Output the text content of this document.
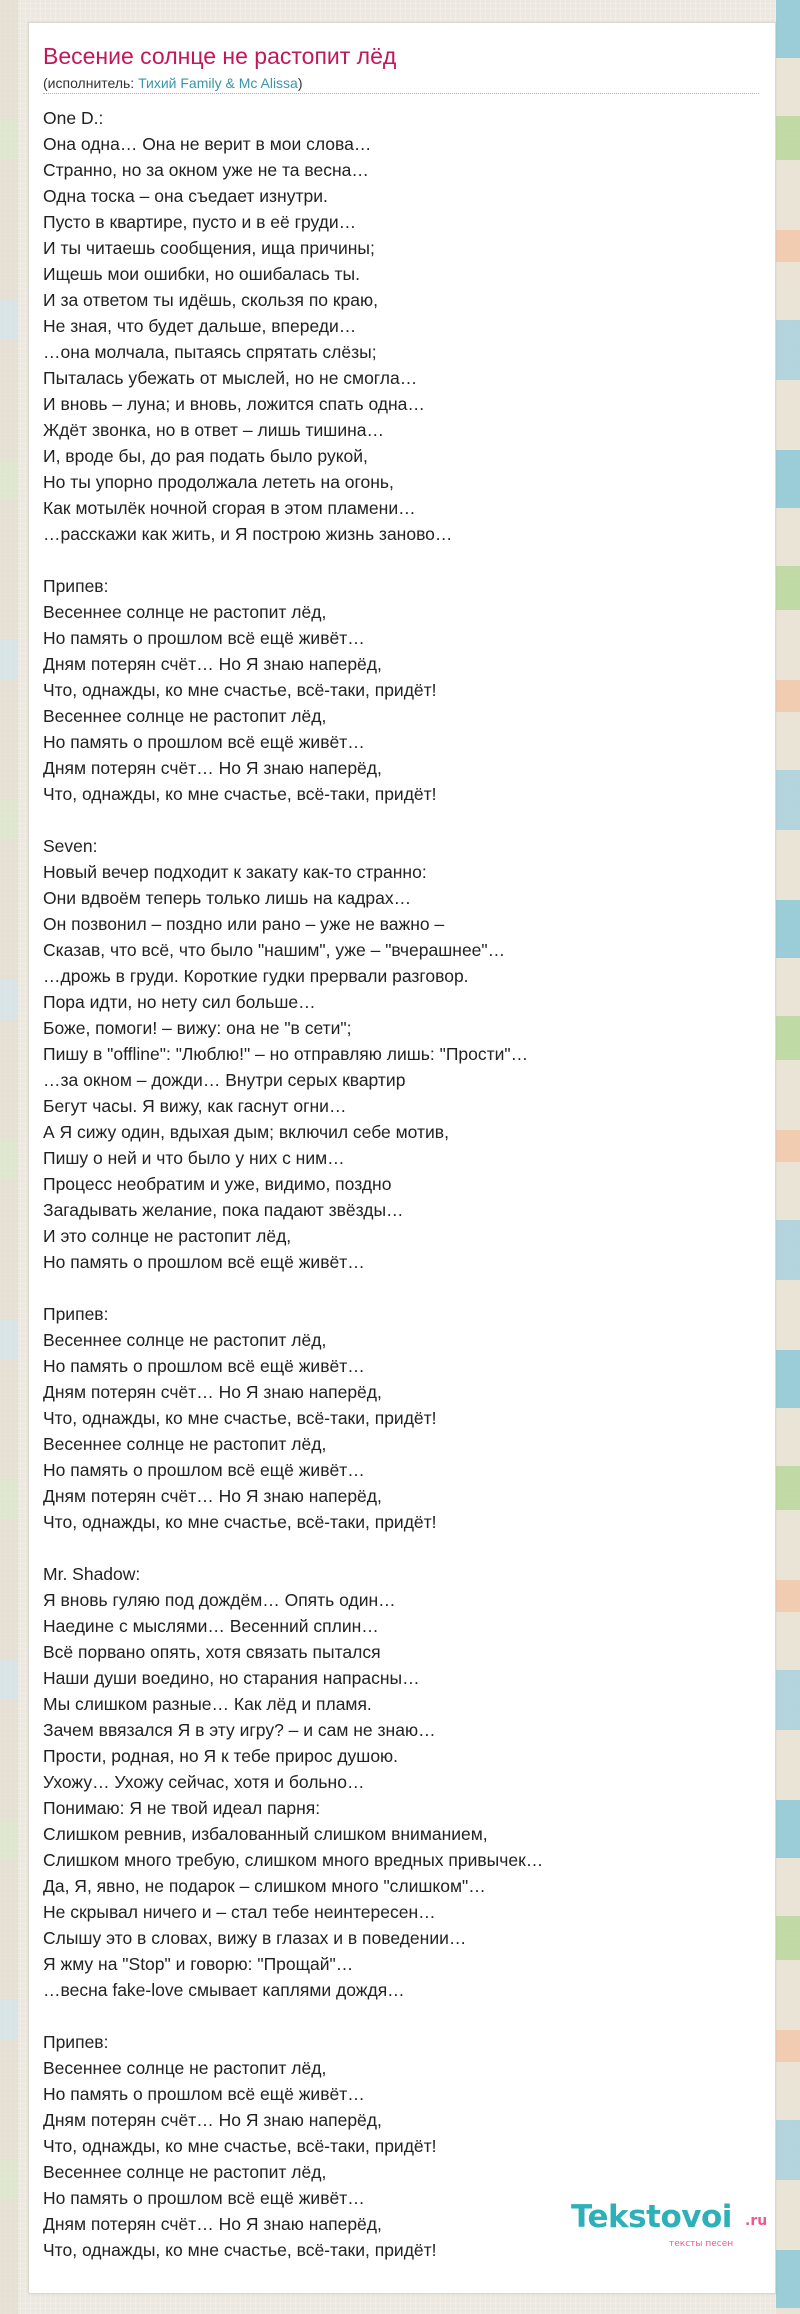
Весение солнце не растопит лёд
(исполнитель: Тихий Family & Mc Alissa)
One D.:
Она одна… Она не верит в мои слова…
Странно, но за окном уже не та весна…
Одна тоска – она съедает изнутри.
Пусто в квартире, пусто и в её груди…
И ты читаешь сообщения, ища причины;
Ищешь мои ошибки, но ошибалась ты.
И за ответом ты идёшь, скользя по краю,
Не зная, что будет дальше, впереди…
…она молчала, пытаясь спрятать слёзы;
Пыталась убежать от мыслей, но не смогла…
И вновь – луна; и вновь, ложится спать одна…
Ждёт звонка, но в ответ – лишь тишина…
И, вроде бы, до рая подать было рукой,
Но ты упорно продолжала лететь на огонь,
Как мотылёк ночной сгорая в этом пламени…
…расскажи как жить, и Я построю жизнь заново…

Припев:
Весеннее солнце не растопит лёд,
Но память о прошлом всё ещё живёт…
Дням потерян счёт… Но Я знаю наперёд,
Что, однажды, ко мне счастье, всё-таки, придёт!
Весеннее солнце не растопит лёд,
Но память о прошлом всё ещё живёт…
Дням потерян счёт… Но Я знаю наперёд,
Что, однажды, ко мне счастье, всё-таки, придёт!

Seven:
Новый вечер подходит к закату как-то странно:
Они вдвоём теперь только лишь на кадрах…
Он позвонил – поздно или рано – уже не важно –
Сказав, что всё, что было "нашим", уже – "вчерашнее"…
…дрожь в груди. Короткие гудки прервали разговор.
Пора идти, но нету сил больше…
Боже, помоги! – вижу: она не "в сети";
Пишу в "offline": "Люблю!" – но отправляю лишь: "Прости"…
…за окном – дожди… Внутри серых квартир
Бегут часы. Я вижу, как гаснут огни…
А Я сижу один, вдыхая дым; включил себе мотив,
Пишу о ней и что было у них с ним…
Процесс необратим и уже, видимо, поздно
Загадывать желание, пока падают звёзды…
И это солнце не растопит лёд,
Но память о прошлом всё ещё живёт…

Припев:
Весеннее солнце не растопит лёд,
Но память о прошлом всё ещё живёт…
Дням потерян счёт… Но Я знаю наперёд,
Что, однажды, ко мне счастье, всё-таки, придёт!
Весеннее солнце не растопит лёд,
Но память о прошлом всё ещё живёт…
Дням потерян счёт… Но Я знаю наперёд,
Что, однажды, ко мне счастье, всё-таки, придёт!

Mr. Shadow:
Я вновь гуляю под дождём… Опять один…
Наедине с мыслями… Весенний сплин…
Всё порвано опять, хотя связать пытался
Наши души воедино, но старания напрасны…
Мы слишком разные… Как лёд и пламя.
Зачем ввязался Я в эту игру? – и сам не знаю…
Прости, родная, но Я к тебе прирос душою.
Ухожу… Ухожу сейчас, хотя и больно…
Понимаю: Я не твой идеал парня:
Слишком ревнив, избалованный слишком вниманием,
Слишком много требую, слишком много вредных привычек…
Да, Я, явно, не подарок – слишком много "слишком"…
Не скрывал ничего и – стал тебе неинтересен…
Слышу это в словах, вижу в глазах и в поведении…
Я жму на "Stop" и говорю: "Прощай"…
…весна fake-love смывает каплями дождя…

Припев:
Весеннее солнце не растопит лёд,
Но память о прошлом всё ещё живёт…
Дням потерян счёт… Но Я знаю наперёд,
Что, однажды, ко мне счастье, всё-таки, придёт!
Весеннее солнце не растопит лёд,
Но память о прошлом всё ещё живёт…
Дням потерян счёт… Но Я знаю наперёд,
Что, однажды, ко мне счастье, всё-таки, придёт!
Tekstovoi .ru
тексты песен
